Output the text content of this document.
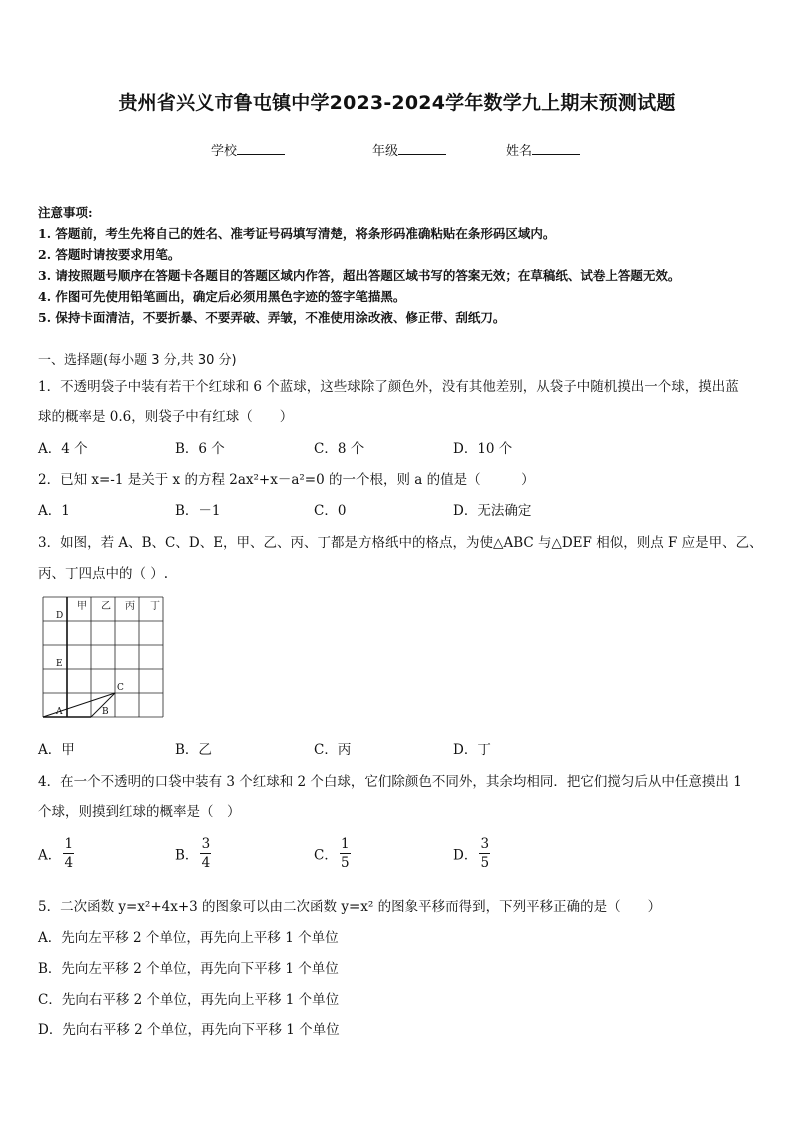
贵州省兴义市鲁屯镇中学2023-2024学年数学九上期末预测试题
学校	年级	姓名
注意事项:
1. 答题前，考生先将自己的姓名、准考证号码填写清楚，将条形码准确粘贴在条形码区域内。
2. 答题时请按要求用笔。
3. 请按照题号顺序在答题卡各题目的答题区域内作答，超出答题区域书写的答案无效；在草稿纸、试卷上答题无效。
4. 作图可先使用铅笔画出，确定后必须用黑色字迹的签字笔描黑。
5. 保持卡面清洁，不要折暴、不要弄破、弄皱，不准使用涂改液、修正带、刮纸刀。
一、选择题(每小题 3 分,共 30 分)
1．不透明袋子中装有若干个红球和 6 个蓝球，这些球除了颜色外，没有其他差别，从袋子中随机摸出一个球，摸出蓝
球的概率是 0.6，则袋子中有红球（　　）
A．4 个	B．6 个	C．8 个	D．10 个
2．已知 x=-1 是关于 x 的方程 2ax²+x－a²=0 的一个根，则 a 的值是（　　　）
A．1	B．－1	C．0	D．无法确定
3．如图，若 A、B、C、D、E，甲、乙、丙、丁都是方格纸中的格点，为使△ABC 与△DEF 相似，则点 F 应是甲、乙、
丙、丁四点中的（ ）.
D
E
A	B
C
甲 乙 丙 丁
A．甲	B．乙	C．丙	D．丁
4．在一个不透明的口袋中装有 3 个红球和 2 个白球，它们除颜色不同外，其余均相同．把它们搅匀后从中任意摸出 1
个球，则摸到红球的概率是（　）
A． $\frac{1}{4}$	B． $\frac{3}{4}$	C． $\frac{1}{5}$	D． $\frac{3}{5}$
5．二次函数 y=x²+4x+3 的图象可以由二次函数 y=x² 的图象平移而得到，下列平移正确的是（　　）
A．先向左平移 2 个单位，再先向上平移 1 个单位
B．先向左平移 2 个单位，再先向下平移 1 个单位
C．先向右平移 2 个单位，再先向上平移 1 个单位
D．先向右平移 2 个单位，再先向下平移 1 个单位
